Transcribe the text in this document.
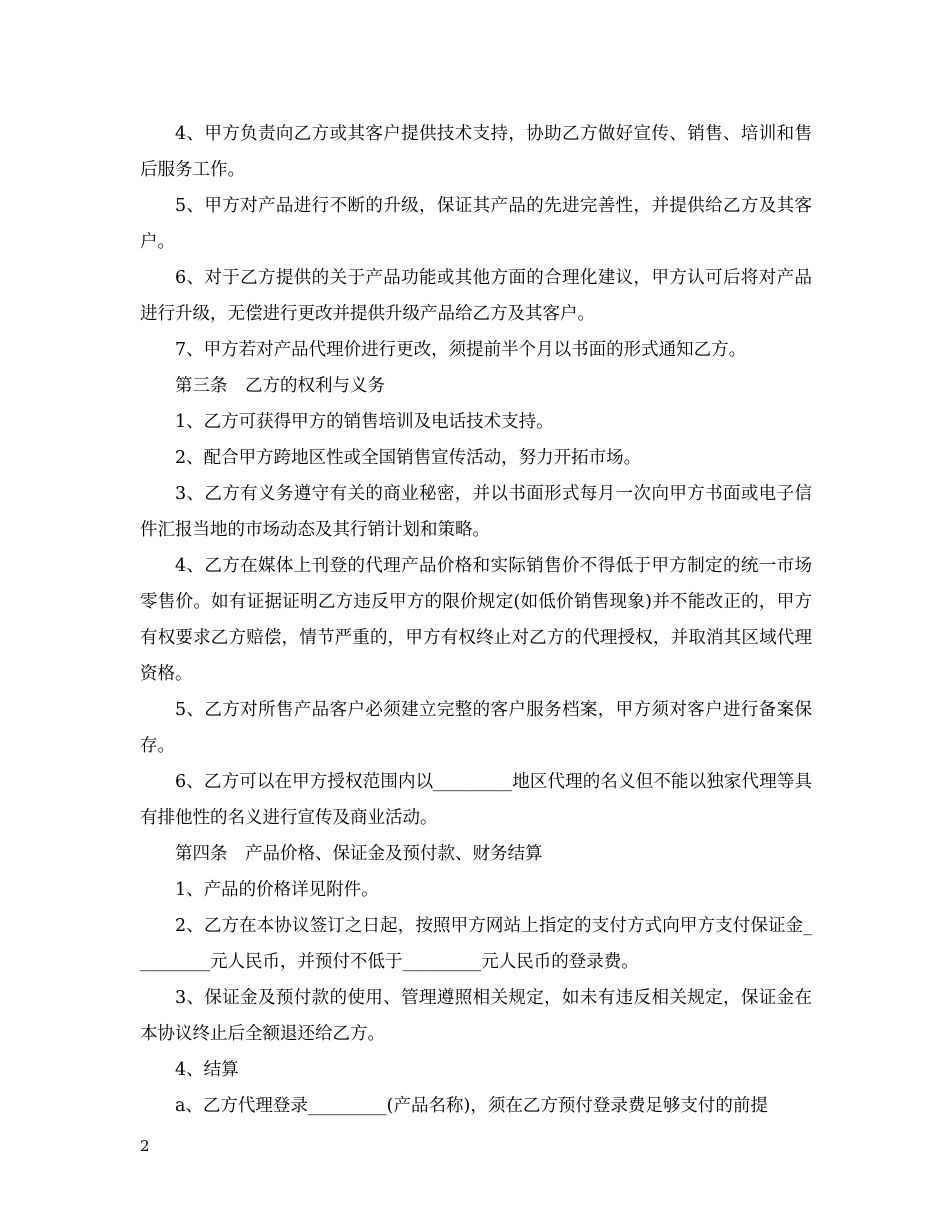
4、甲方负责向乙方或其客户提供技术支持，协助乙方做好宣传、销售、培训和售后服务工作。

5、甲方对产品进行不断的升级，保证其产品的先进完善性，并提供给乙方及其客户。

6、对于乙方提供的关于产品功能或其他方面的合理化建议，甲方认可后将对产品进行升级，无偿进行更改并提供升级产品给乙方及其客户。

7、甲方若对产品代理价进行更改，须提前半个月以书面的形式通知乙方。

第三条　乙方的权利与义务

1、乙方可获得甲方的销售培训及电话技术支持。

2、配合甲方跨地区性或全国销售宣传活动，努力开拓市场。

3、乙方有义务遵守有关的商业秘密，并以书面形式每月一次向甲方书面或电子信件汇报当地的市场动态及其行销计划和策略。

4、乙方在媒体上刊登的代理产品价格和实际销售价不得低于甲方制定的统一市场零售价。如有证据证明乙方违反甲方的限价规定(如低价销售现象)并不能改正的，甲方有权要求乙方赔偿，情节严重的，甲方有权终止对乙方的代理授权，并取消其区域代理资格。

5、乙方对所售产品客户必须建立完整的客户服务档案，甲方须对客户进行备案保存。

6、乙方可以在甲方授权范围内以_________地区代理的名义但不能以独家代理等具有排他性的名义进行宣传及商业活动。

第四条　产品价格、保证金及预付款、财务结算

1、产品的价格详见附件。

2、乙方在本协议签订之日起，按照甲方网站上指定的支付方式向甲方支付保证金_________元人民币，并预付不低于_________元人民币的登录费。

3、保证金及预付款的使用、管理遵照相关规定，如未有违反相关规定，保证金在本协议终止后全额退还给乙方。

4、结算

a、乙方代理登录_________(产品名称)，须在乙方预付登录费足够支付的前提

2
